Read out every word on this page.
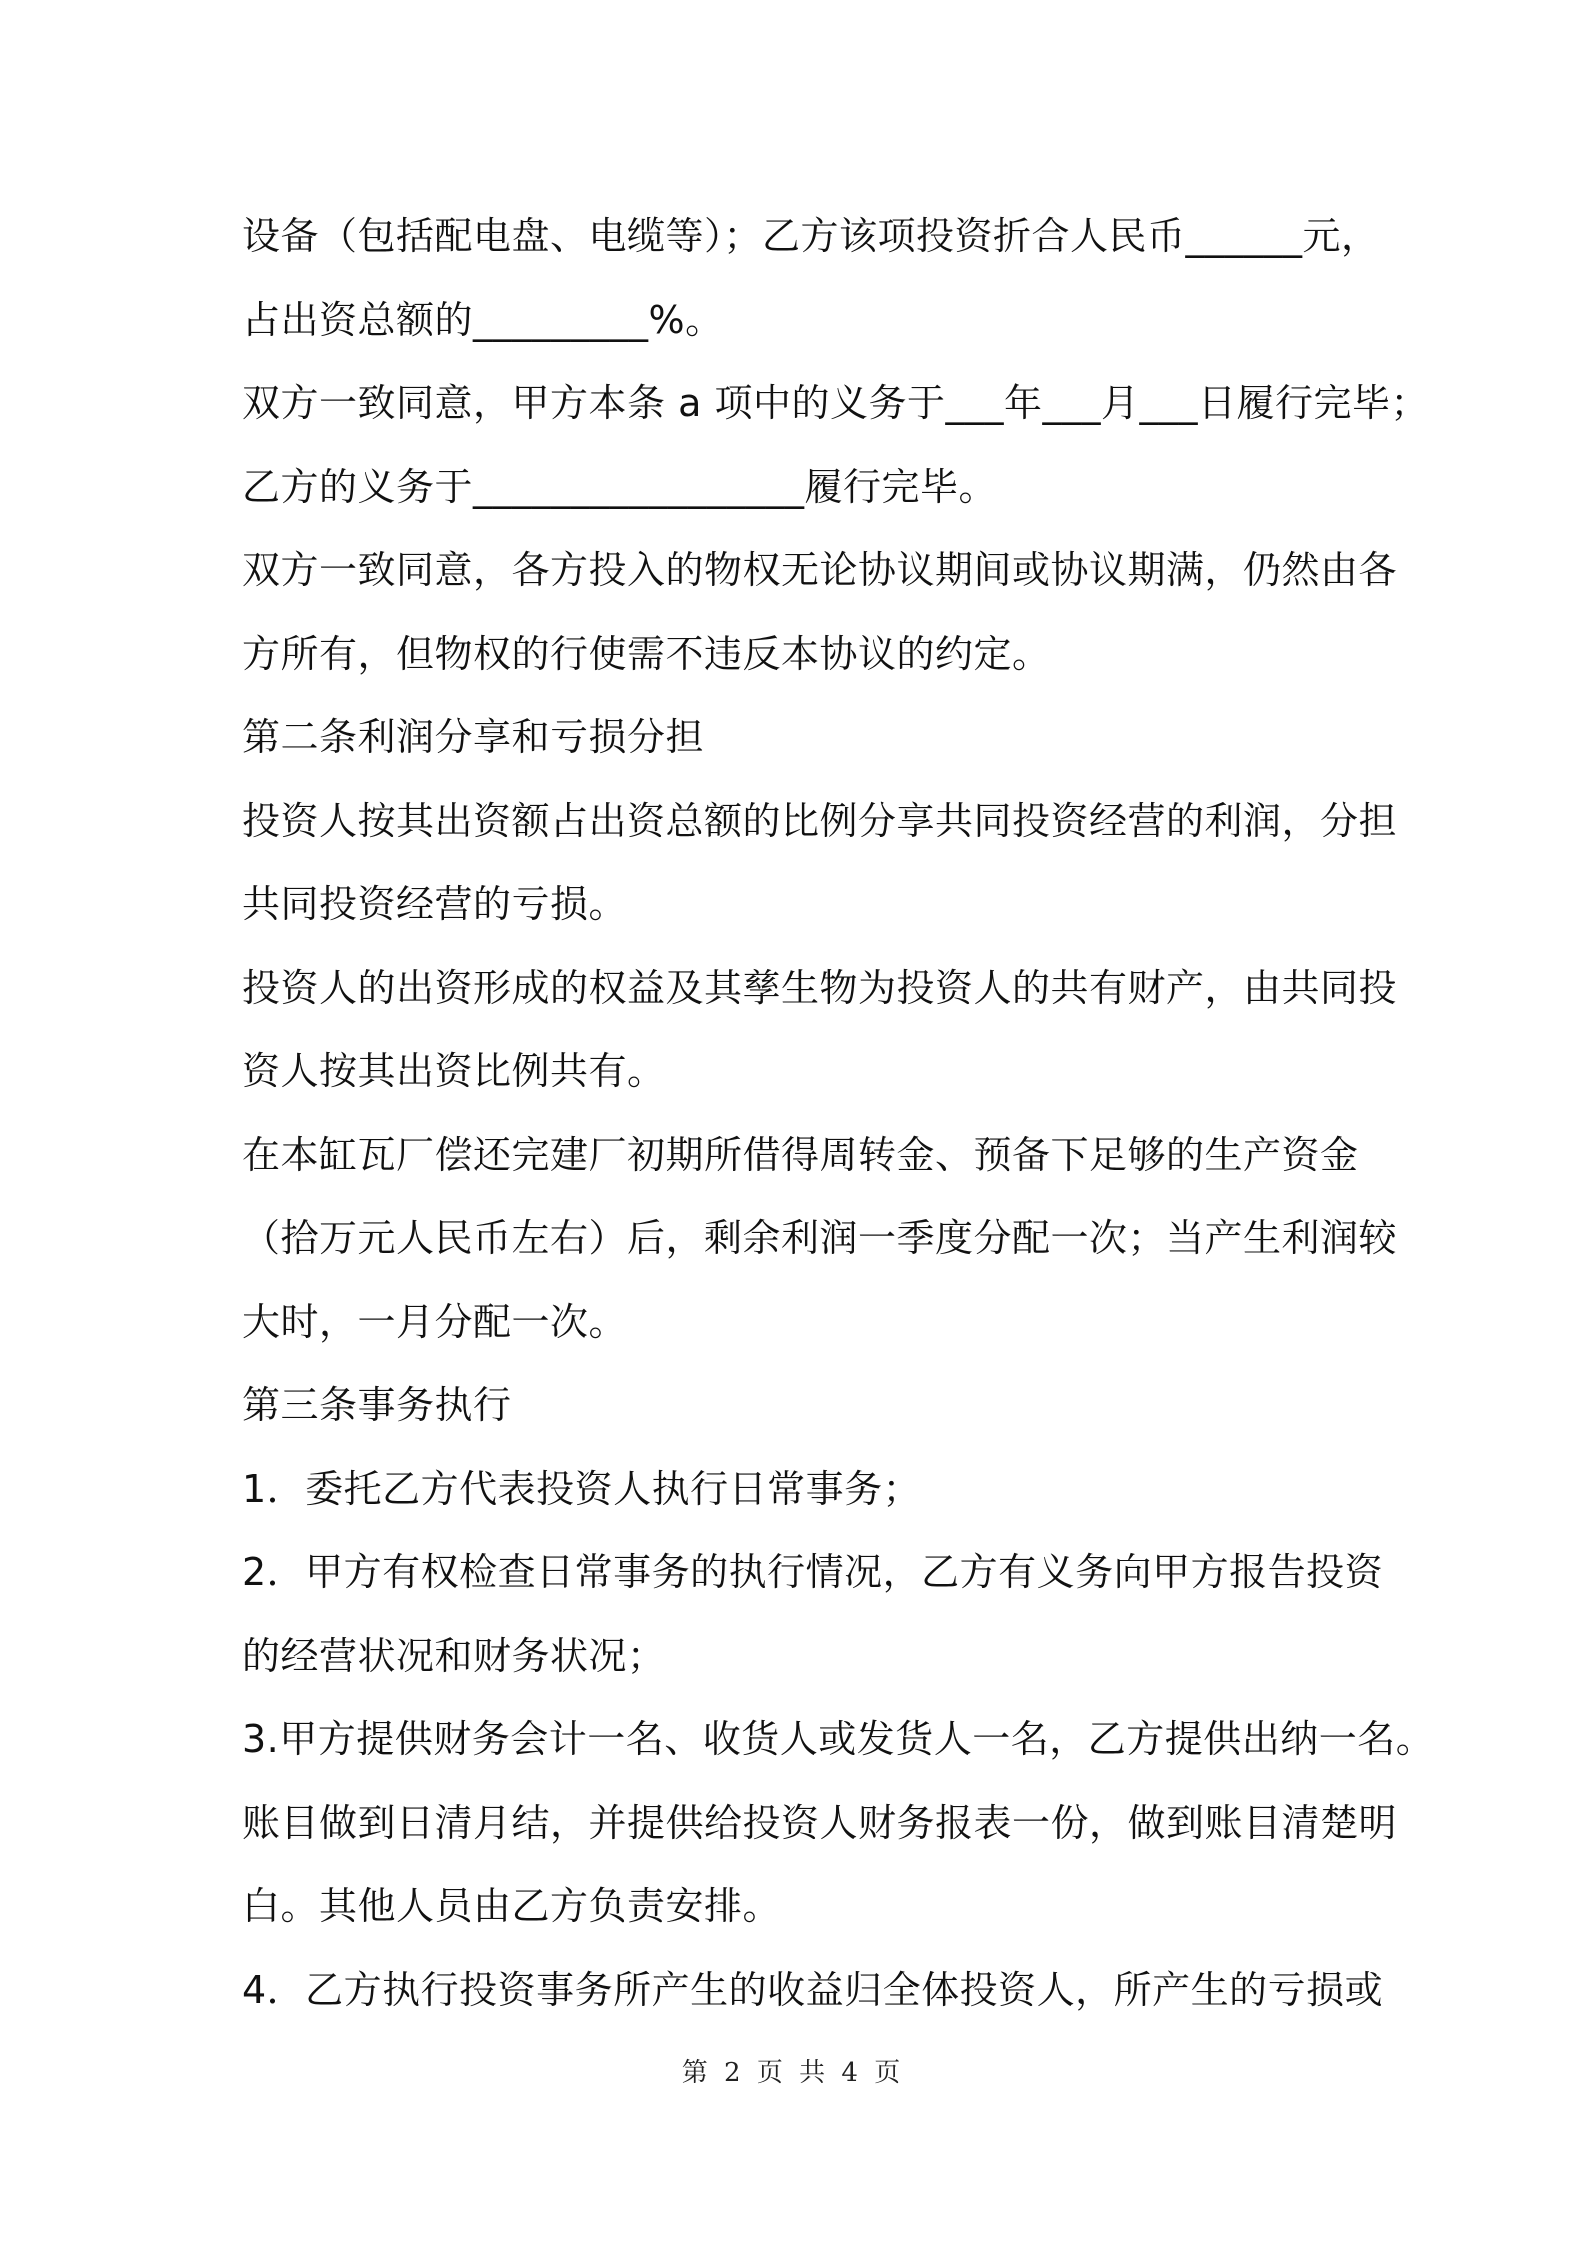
设备（包括配电盘、电缆等）；乙方该项投资折合人民币______元，
占出资总额的_________%。
双方一致同意，甲方本条 a 项中的义务于___年___月___日履行完毕；
乙方的义务于_________________履行完毕。
双方一致同意，各方投入的物权无论协议期间或协议期满，仍然由各
方所有，但物权的行使需不违反本协议的约定。
第二条利润分享和亏损分担
投资人按其出资额占出资总额的比例分享共同投资经营的利润，分担
共同投资经营的亏损。
投资人的出资形成的权益及其孳生物为投资人的共有财产，由共同投
资人按其出资比例共有。
在本缸瓦厂偿还完建厂初期所借得周转金、预备下足够的生产资金
（拾万元人民币左右）后，剩余利润一季度分配一次；当产生利润较
大时，一月分配一次。
第三条事务执行
1．委托乙方代表投资人执行日常事务；
2．甲方有权检查日常事务的执行情况，乙方有义务向甲方报告投资
的经营状况和财务状况；
3.甲方提供财务会计一名、收货人或发货人一名，乙方提供出纳一名。
账目做到日清月结，并提供给投资人财务报表一份，做到账目清楚明
白。其他人员由乙方负责安排。
4．乙方执行投资事务所产生的收益归全体投资人，所产生的亏损或
第 2 页 共 4 页
